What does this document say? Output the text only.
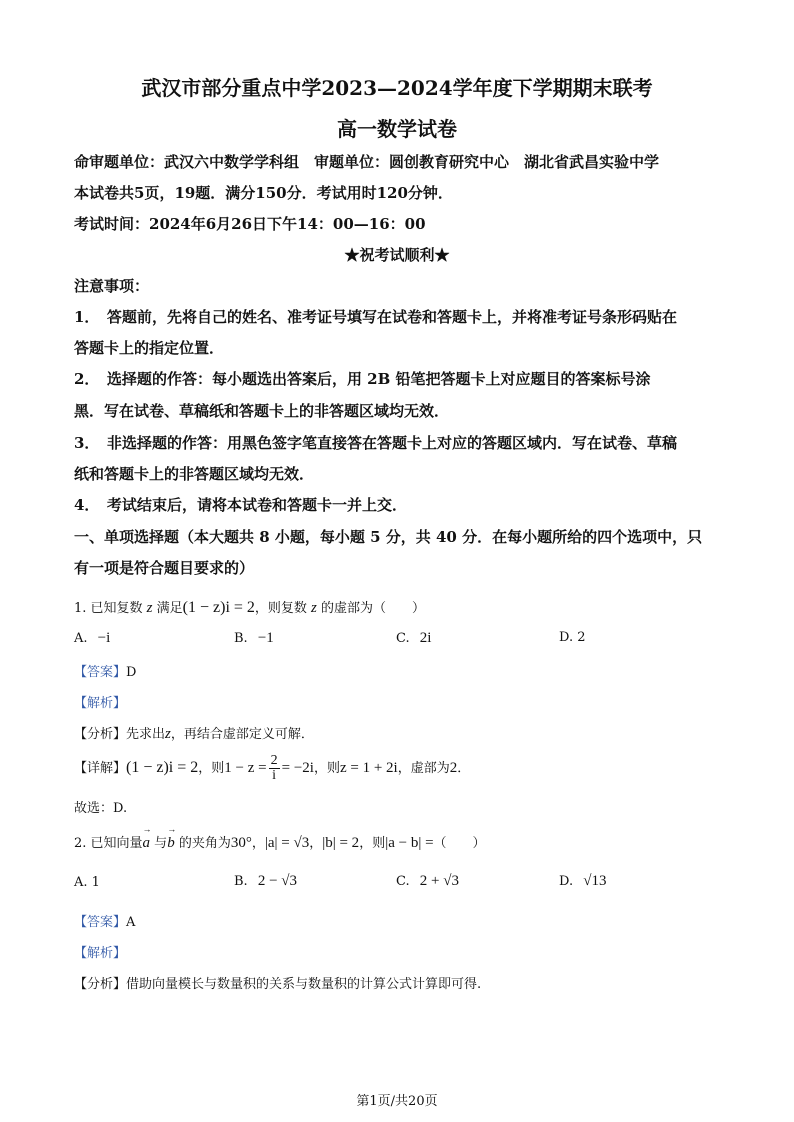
武汉市部分重点中学2023—2024学年度下学期期末联考
高一数学试卷
命审题单位：武汉六中数学学科组　审题单位：圆创教育研究中心　湖北省武昌实验中学
本试卷共5页，19题．满分150分．考试用时120分钟．
考试时间：2024年6月26日下午14：00—16：00
★祝考试顺利★
注意事项：
1．　答题前，先将自己的姓名、准考证号填写在试卷和答题卡上，并将准考证号条形码贴在
答题卡上的指定位置．
2．　选择题的作答：每小题选出答案后，用 2B 铅笔把答题卡上对应题目的答案标号涂
黑．写在试卷、草稿纸和答题卡上的非答题区域均无效．
3．　非选择题的作答：用黑色签字笔直接答在答题卡上对应的答题区域内．写在试卷、草稿
纸和答题卡上的非答题区域均无效．
4．　考试结束后，请将本试卷和答题卡一并上交．
一、单项选择题（本大题共 8 小题，每小题 5 分，共 40 分．在每小题所给的四个选项中，只
有一项是符合题目要求的）
1. 已知复数 z 满足(1 − z)i = 2，则复数 z 的虚部为（　　）
A. −i	B. −1	C. 2i	D. 2
【答案】D
【解析】
【分析】先求出z，再结合虚部定义可解．
【详解】(1 − z)i = 2，则$1 - z = \frac{2}{i} = -2i$，则z = 1 + 2i，虚部为2．
故选：D.
2. 已知向量→ a 与→ b 的夹角为30°，|a| = √3，|b| = 2，则|a − b| =（　　）
A. 1	B. 2 − √3	C. 2 + √3	D. √13
【答案】A
【解析】
【分析】借助向量模长与数量积的关系与数量积的计算公式计算即可得.
第1页/共20页
